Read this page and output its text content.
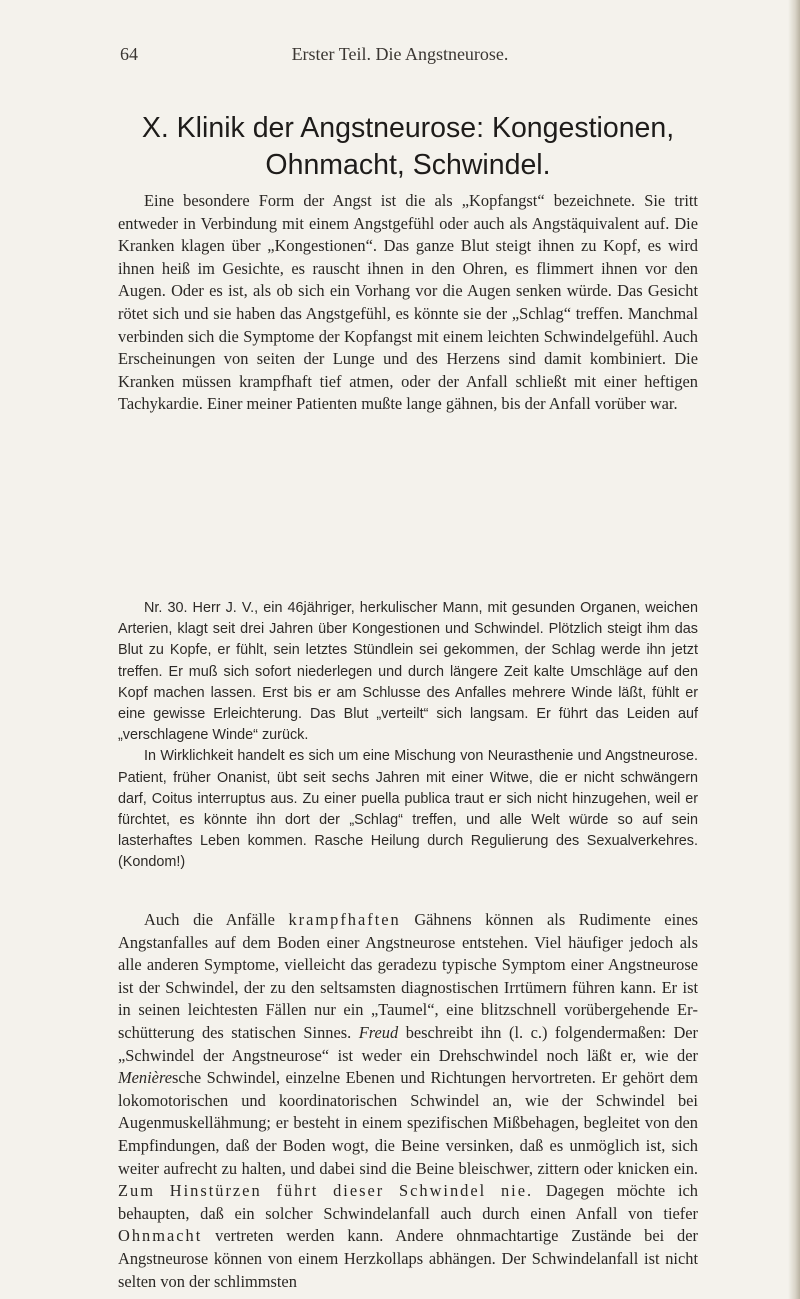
64	Erster Teil. Die Angstneurose.
X. Klinik der Angstneurose: Kongestionen,
Ohnmacht, Schwindel.

Eine besondere Form der Angst ist die als „Kopfangst“ bezeichnete. Sie tritt entweder in Verbindung mit einem Angstgefühl oder auch als Angstäquivalent auf. Die Kranken klagen über „Kongestionen“. Das ganze Blut steigt ihnen zu Kopf, es wird ihnen heiß im Gesichte, es rauscht ihnen in den Ohren, es flimmert ihnen vor den Augen. Oder es ist, als ob sich ein Vorhang vor die Augen senken würde. Das Gesicht rötet sich und sie haben das Angstgefühl, es könnte sie der „Schlag“ treffen. Manchmal verbinden sich die Symptome der Kopfangst mit einem leichten Schwindelgefühl. Auch Erscheinungen von seiten der Lunge und des Herzens sind damit kombiniert. Die Kranken müssen krampfhaft tief atmen, oder der Anfall schließt mit einer heftigen Tachykardie. Einer meiner Patienten mußte lange gähnen, bis der Anfall vorüber war.

Nr. 30. Herr J. V., ein 46jähriger, herkulischer Mann, mit gesunden Organen, weichen Arterien, klagt seit drei Jahren über Kongestionen und Schwindel. Plötzlich steigt ihm das Blut zu Kopfe, er fühlt, sein letztes Stündlein sei gekommen, der Schlag werde ihn jetzt treffen. Er muß sich sofort niederlegen und durch längere Zeit kalte Umschläge auf den Kopf machen lassen. Erst bis er am Schlusse des Anfalles mehrere Winde läßt, fühlt er eine gewisse Erleichterung. Das Blut „verteilt“ sich langsam. Er führt das Leiden auf „verschlagene Winde“ zurück.

In Wirklichkeit handelt es sich um eine Mischung von Neurasthenie und Angstneurose. Patient, früher Onanist, übt seit sechs Jahren mit einer Witwe, die er nicht schwängern darf, Coitus interruptus aus. Zu einer puella publica traut er sich nicht hinzugehen, weil er fürchtet, es könnte ihn dort der „Schlag“ treffen, und alle Welt würde so auf sein lasterhaftes Leben kommen. Rasche Heilung durch Regulierung des Sexualverkehres. (Kondom!)

Auch die Anfälle krampfhaften Gähnens können als Rudimente eines Angstanfalles auf dem Boden einer Angstneurose entstehen. Viel häufiger jedoch als alle anderen Symptome, vielleicht das geradezu typische Symptom einer Angstneurose ist der Schwindel, der zu den seltsamsten diagnostischen Irrtümern führen kann. Er ist in seinen leichtesten Fällen nur ein „Taumel“, eine blitzschnell vorübergehende Erschütterung des statischen Sinnes. Freud beschreibt ihn (l. c.) folgendermaßen: Der „Schwindel der Angstneurose“ ist weder ein Drehschwindel noch läßt er, wie der Menièresche Schwindel, einzelne Ebenen und Richtungen hervortreten. Er gehört dem lokomotorischen und koordinatorischen Schwindel an, wie der Schwindel bei Augenmuskellähmung; er besteht in einem spezifischen Mißbehagen, begleitet von den Empfindungen, daß der Boden wogt, die Beine versinken, daß es unmöglich ist, sich weiter aufrecht zu halten, und dabei sind die Beine bleischwer, zittern oder knicken ein. Zum Hinstürzen führt dieser Schwindel nie. Dagegen möchte ich behaupten, daß ein solcher Schwindelanfall auch durch einen Anfall von tiefer Ohnmacht vertreten werden kann. Andere ohnmachtartige Zustände bei der Angstneurose können von einem Herzkollaps abhängen. Der Schwindelanfall ist nicht selten von der schlimmsten
